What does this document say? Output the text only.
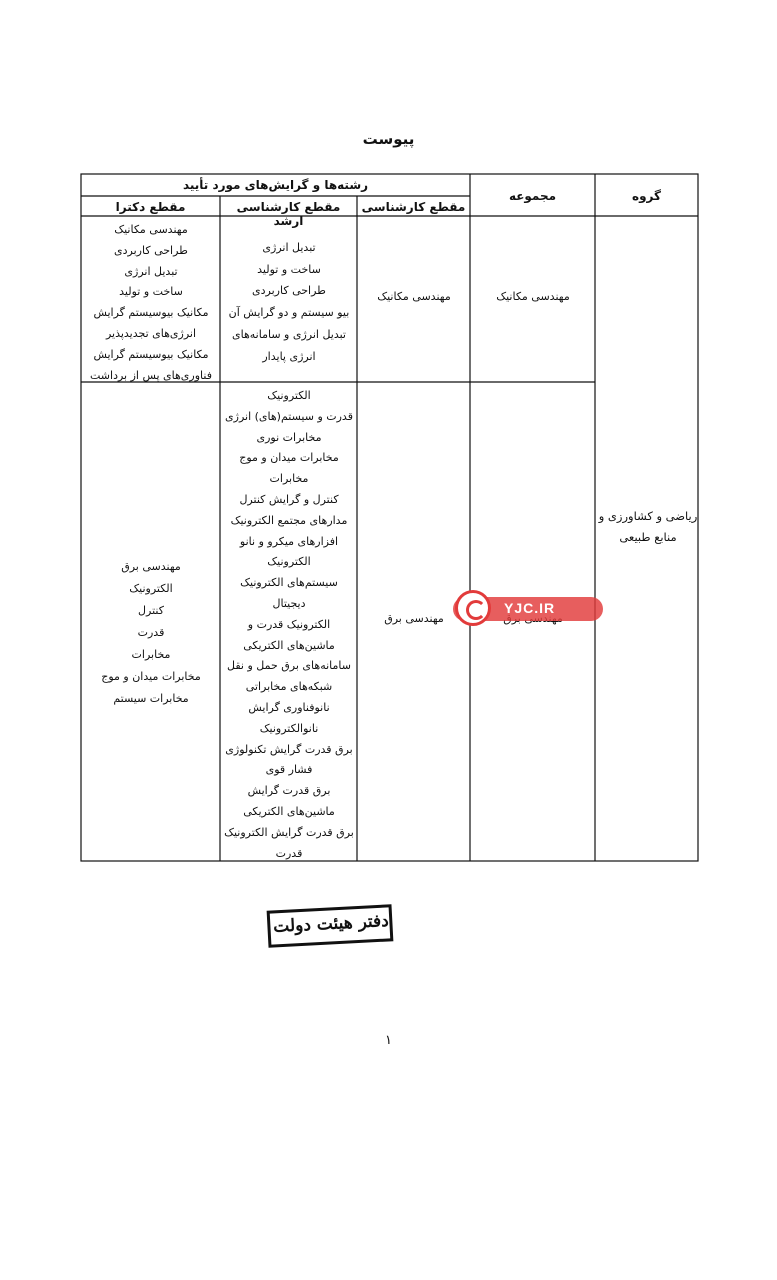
پیوست
گروه
مجموعه
رشته‌ها و گرایش‌های مورد تأیید
مقطع کارشناسی
مقطع کارشناسی ارشد
مقطع دکترا
ریاضی و کشاورزی و
منابع طبیعی
مهندسی مکانیک
مهندسی مکانیک
تبدیل انرژی
ساخت و تولید
طراحی کاربردی
بیو سیستم و دو گرایش آن
تبدیل انرژی و سامانه‌های
انرژی پایدار
مهندسی مکانیک
طراحی کاربردی
تبدیل انرژی
ساخت و تولید
مکانیک بیوسیستم گرایش
انرژی‌های تجدیدپذیر
مکانیک بیوسیستم گرایش
فناوری‌های پس از برداشت
مهندسی برق
الکترونیک
قدرت و سیستم(های) انرژی
مخابرات نوری
مخابرات میدان و موج
مخابرات
کنترل و گرایش کنترل
مدارهای مجتمع الکترونیک
افزارهای میکرو و نانو
الکترونیک
سیستم‌های الکترونیک
دیجیتال
الکترونیک قدرت و
ماشین‌های الکتریکی
سامانه‌های برق حمل و نقل
شبکه‌های مخابراتی
نانوفناوری گرایش
نانوالکترونیک
برق قدرت گرایش تکنولوژی
فشار قوی
برق قدرت گرایش
ماشین‌های الکتریکی
برق قدرت گرایش الکترونیک
قدرت
مهندسی برق
الکترونیک
کنترل
قدرت
مخابرات
مخابرات میدان و موج
مخابرات سیستم
YJC.IR
دفتر هیئت دولت
۱
